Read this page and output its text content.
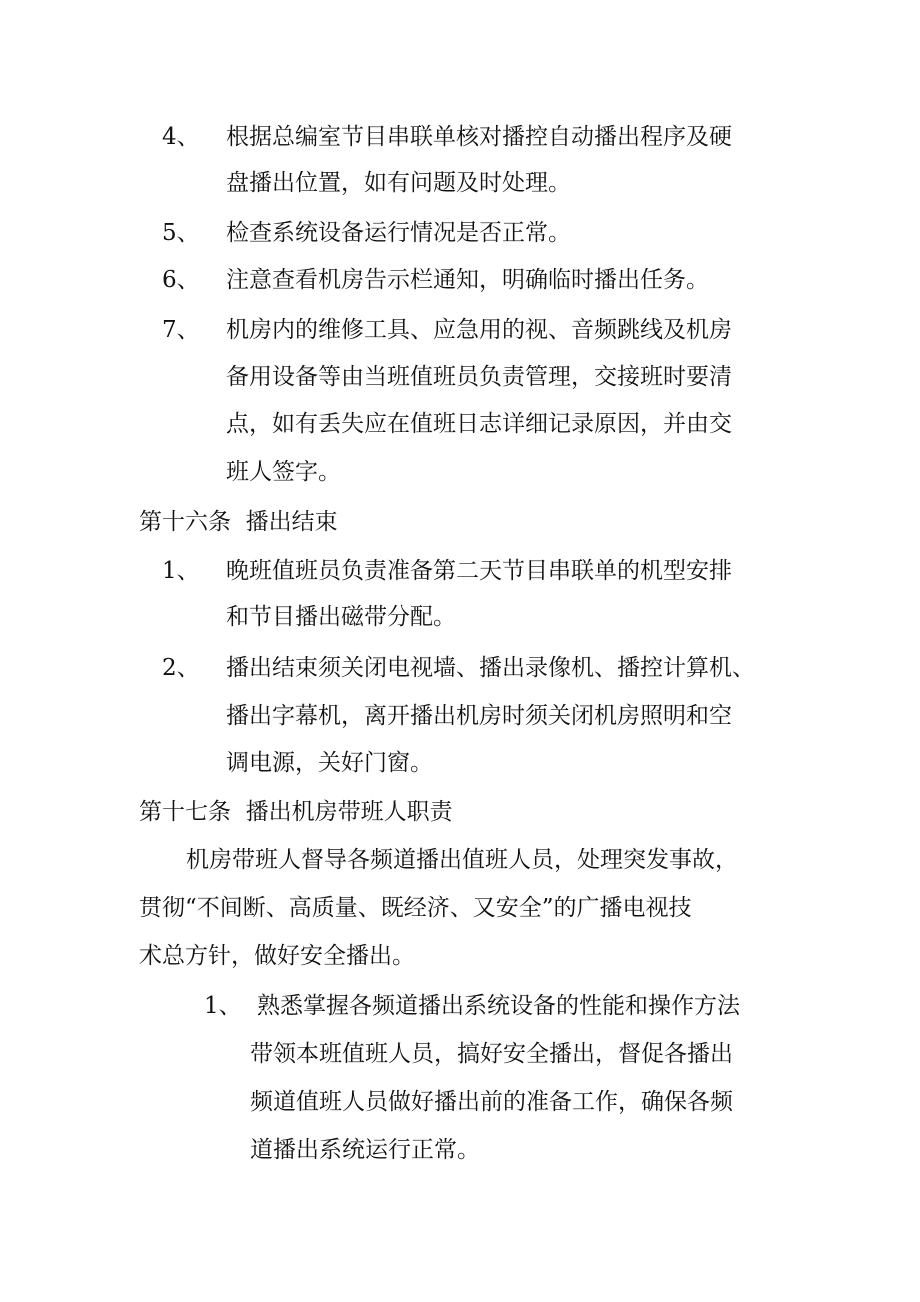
4、 根据总编室节目串联单核对播控自动播出程序及硬

盘播出位置，如有问题及时处理。

5、 检查系统设备运行情况是否正常。

6、 注意查看机房告示栏通知，明确临时播出任务。

7、 机房内的维修工具、应急用的视、音频跳线及机房

备用设备等由当班值班员负责管理，交接班时要清

点，如有丢失应在值班日志详细记录原因，并由交

班人签字。

第十六条  播出结束

1、 晚班值班员负责准备第二天节目串联单的机型安排

和节目播出磁带分配。

2、 播出结束须关闭电视墙、播出录像机、播控计算机、

播出字幕机，离开播出机房时须关闭机房照明和空

调电源，关好门窗。

第十七条  播出机房带班人职责

机房带班人督导各频道播出值班人员，处理突发事故，

贯彻“不间断、高质量、既经济、又安全”的广播电视技

术总方针，做好安全播出。

1、 熟悉掌握各频道播出系统设备的性能和操作方法

带领本班值班人员，搞好安全播出，督促各播出

频道值班人员做好播出前的准备工作，确保各频

道播出系统运行正常。
